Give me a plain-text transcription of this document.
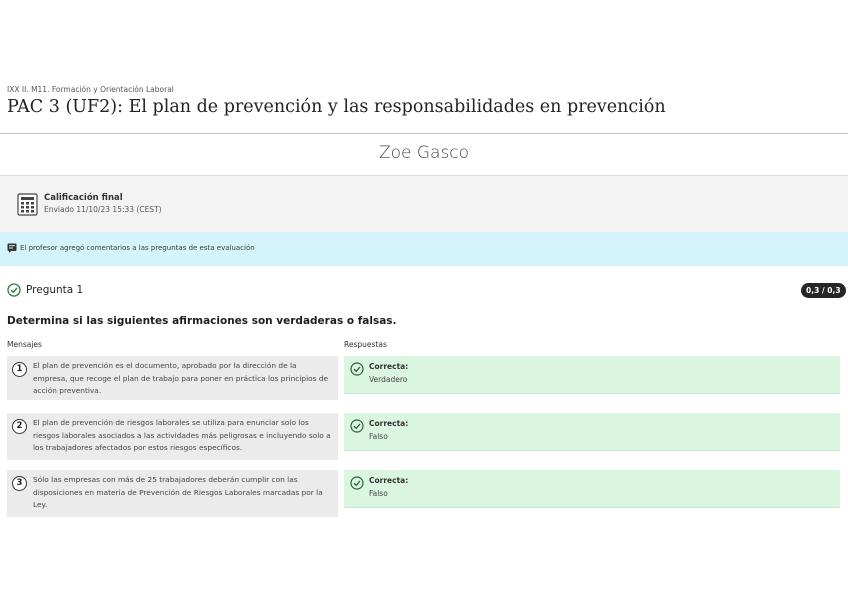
IXX II. M11. Formación y Orientación Laboral
PAC 3 (UF2): El plan de prevención y las responsabilidades en prevención
Zoe Gasco
Calificación final
Enviado 11/10/23 15:33 (CEST)
El profesor agregó comentarios a las preguntas de esta evaluación
Pregunta 1	0,3 / 0,3
Determina si las siguientes afirmaciones son verdaderas o falsas.
Mensajes	Respuestas
1	El plan de prevención es el documento, aprobado por la dirección de la empresa, que recoge el plan de trabajo para poner en práctica los principios de acción preventiva.
Correcta:
Verdadero
2	El plan de prevención de riesgos laborales se utiliza para enunciar solo los riesgos laborales asociados a las actividades más peligrosas e incluyendo solo a los trabajadores afectados por estos riesgos específicos.
Correcta:
Falso
3	Sólo las empresas con más de 25 trabajadores deberán cumplir con las disposiciones en materia de Prevención de Riesgos Laborales marcadas por la Ley.
Correcta:
Falso
